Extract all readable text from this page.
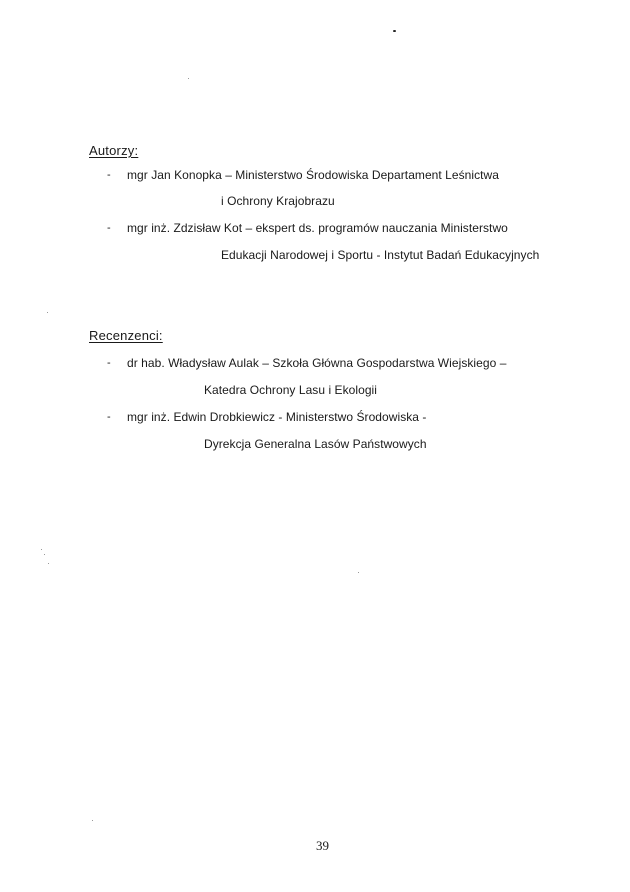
Autorzy:
- mgr Jan Konopka – Ministerstwo Środowiska Departament Leśnictwa
i Ochrony Krajobrazu
- mgr inż. Zdzisław Kot – ekspert ds. programów nauczania Ministerstwo
Edukacji Narodowej i Sportu - Instytut Badań Edukacyjnych
Recenzenci:
- dr hab. Władysław Aulak – Szkoła Główna Gospodarstwa Wiejskiego –
Katedra Ochrony Lasu i Ekologii
- mgr inż. Edwin Drobkiewicz - Ministerstwo Środowiska -
Dyrekcja Generalna Lasów Państwowych
39
